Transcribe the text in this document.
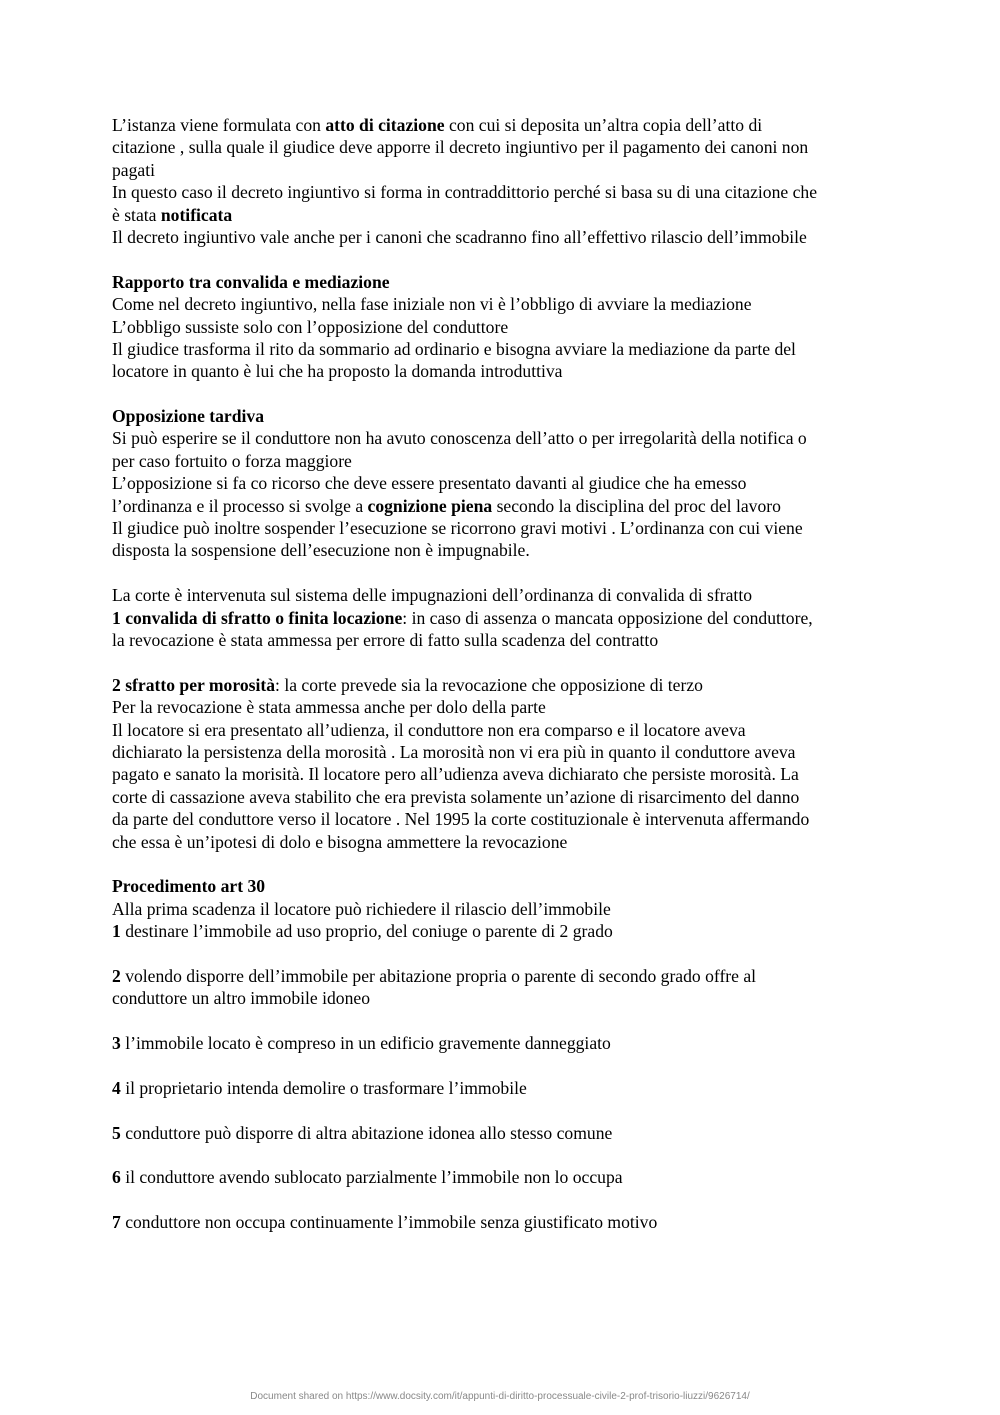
L’istanza viene formulata con atto di citazione con cui si deposita un’altra copia dell’atto di
citazione , sulla quale il giudice deve apporre il decreto ingiuntivo per il pagamento dei canoni non
pagati
In questo caso il decreto ingiuntivo si forma in contraddittorio perché si basa su di una citazione che
è stata notificata
Il decreto ingiuntivo vale anche per i canoni che scadranno fino all’effettivo rilascio dell’immobile
Rapporto tra convalida e mediazione
Come nel decreto ingiuntivo, nella fase iniziale non vi è l’obbligo di avviare la mediazione
L’obbligo sussiste solo con l’opposizione del conduttore
Il giudice trasforma il rito da sommario ad ordinario e bisogna avviare la mediazione da parte del
locatore in quanto è lui che ha proposto la domanda introduttiva
Opposizione tardiva
Si può esperire se il conduttore non ha avuto conoscenza dell’atto o per irregolarità della notifica o
per caso fortuito o forza maggiore
L’opposizione si fa co ricorso che deve essere presentato davanti al giudice che ha emesso
l’ordinanza e il processo si svolge a cognizione piena secondo la disciplina del proc del lavoro
Il giudice può inoltre sospender l’esecuzione se ricorrono gravi motivi . L’ordinanza con cui viene
disposta la sospensione dell’esecuzione non è impugnabile.
La corte è intervenuta sul sistema delle impugnazioni dell’ordinanza di convalida di sfratto
1 convalida di sfratto o finita locazione: in caso di assenza o mancata opposizione del conduttore,
la revocazione è stata ammessa per errore di fatto sulla scadenza del contratto
2 sfratto per morosità: la corte prevede sia la revocazione che opposizione di terzo
Per la revocazione è stata ammessa anche per dolo della parte
Il locatore si era presentato all’udienza, il conduttore non era comparso e il locatore aveva
dichiarato la persistenza della morosità . La morosità non vi era più in quanto il conduttore aveva
pagato e sanato la morisità. Il locatore pero all’udienza aveva dichiarato che persiste morosità. La
corte di cassazione aveva stabilito che era prevista solamente un’azione di risarcimento del danno
da parte del conduttore verso il locatore . Nel 1995 la corte costituzionale è intervenuta affermando
che essa è un’ipotesi di dolo e bisogna ammettere la revocazione
Procedimento art 30
Alla prima scadenza il locatore può richiedere il rilascio dell’immobile
1 destinare l’immobile ad uso proprio, del coniuge o parente di 2 grado
2 volendo disporre dell’immobile per abitazione propria o parente di secondo grado offre al
conduttore un altro immobile idoneo
3 l’immobile locato è compreso in un edificio gravemente danneggiato
4 il proprietario intenda demolire o trasformare l’immobile
5 conduttore può disporre di altra abitazione idonea allo stesso comune
6 il conduttore avendo sublocato parzialmente l’immobile non lo occupa
7 conduttore non occupa continuamente l’immobile senza giustificato motivo
Document shared on https://www.docsity.com/it/appunti-di-diritto-processuale-civile-2-prof-trisorio-liuzzi/9626714/
